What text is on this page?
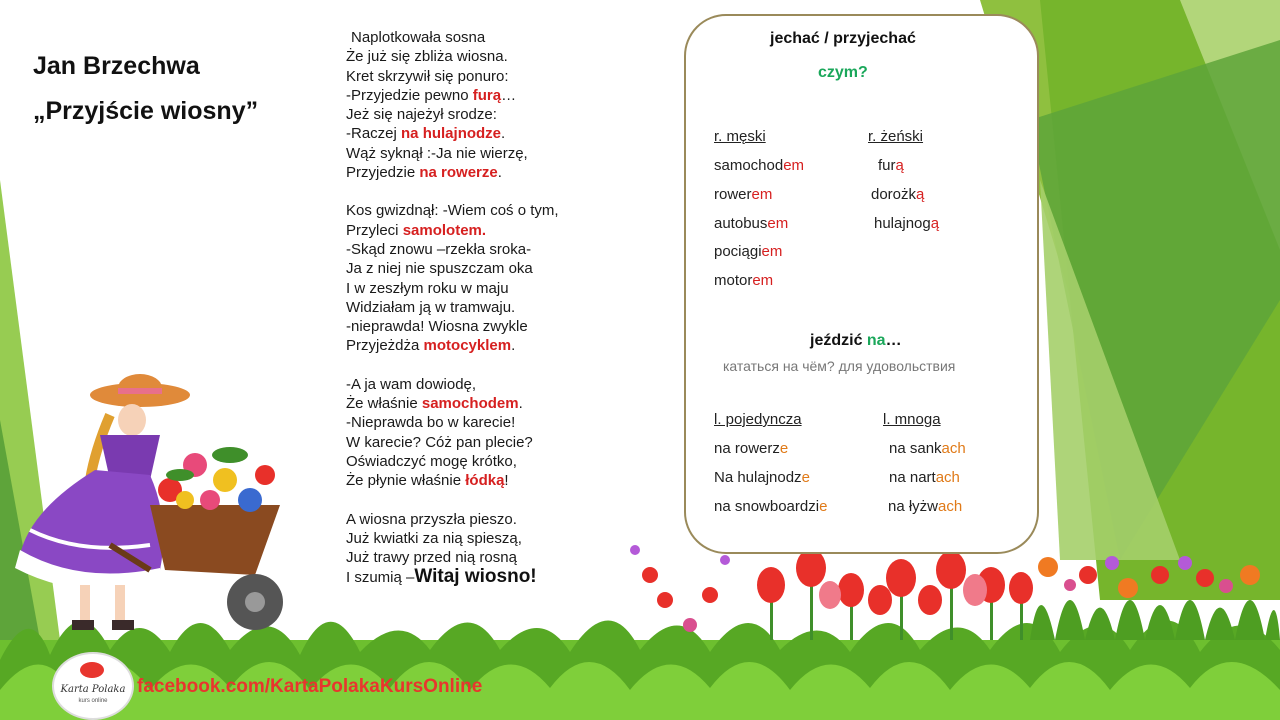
Jan Brzechwa
„Przyjście wiosny”
Naplotkowała sosna
Że już się zbliża wiosna.
Kret skrzywił się ponuro:
-Przyjedzie pewno furą…
Jeż się najeżył srodze:
-Raczej na hulajnodze.
Wąż syknął :-Ja nie wierzę,
Przyjedzie na rowerze.
Kos gwizdnął: -Wiem coś o tym,
Przyleci samolotem.
-Skąd znowu –rzekła sroka-
Ja z niej nie spuszczam oka
I w zeszłym roku w maju
Widziałam ją w tramwaju.
-nieprawda! Wiosna zwykle
Przyjeżdża motocyklem.
-A ja wam dowiodę,
Że właśnie samochodem.
-Nieprawda bo w karecie!
W karecie? Cóż pan plecie?
Oświadczyć mogę krótko,
Że płynie właśnie łódką!
A wiosna przyszła pieszo.
Już kwiatki za nią spieszą,
Już trawy przed nią rosną
I szumią –Witaj wiosno!
jechać / przyjechać
czym?
r. męski	r. żeński
samochodem
rowerem
autobusem
pociągiem
motorem
furą
dorożką
hulajnogą
jeździć na…
кататься на чём? для удовольствия
l. pojedyncza	l. mnoga
na rowerze
Na hulajnodze
na snowboardzie
na sankach
na nartach
na łyżwach
Karta Polaka
kurs online
facebook.com/KartaPolakaKursOnline
